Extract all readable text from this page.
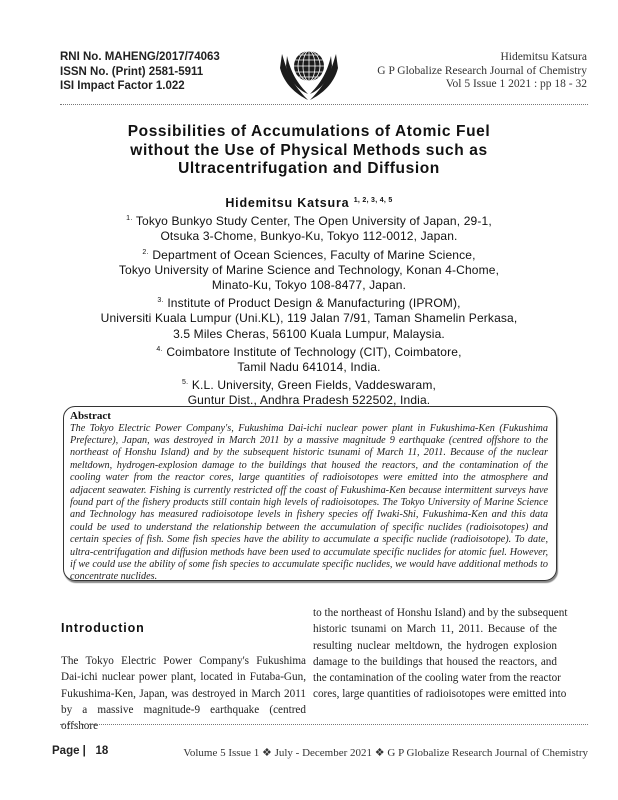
RNI No. MAHENG/2017/74063
ISSN No. (Print) 2581-5911
ISI Impact Factor 1.022
Hidemitsu Katsura
G P Globalize Research Journal of Chemistry
Vol 5 Issue 1 2021 : pp 18 - 32
Possibilities of Accumulations of Atomic Fuel
without the Use of Physical Methods such as
Ultracentrifugation and Diffusion
Hidemitsu Katsura $^{1, 2, 3, 4, 5}$
$^{1.}$ Tokyo Bunkyo Study Center, The Open University of Japan, 29-1,
Otsuka 3-Chome, Bunkyo-Ku, Tokyo 112-0012, Japan.
$^{2.}$ Department of Ocean Sciences, Faculty of Marine Science,
Tokyo University of Marine Science and Technology, Konan 4-Chome,
Minato-Ku, Tokyo 108-8477, Japan.
$^{3.}$ Institute of Product Design & Manufacturing (IPROM),
Universiti Kuala Lumpur (Uni.KL), 119 Jalan 7/91, Taman Shamelin Perkasa,
3.5 Miles Cheras, 56100 Kuala Lumpur, Malaysia.
$^{4.}$ Coimbatore Institute of Technology (CIT), Coimbatore,
Tamil Nadu 641014, India.
$^{5.}$ K.L. University, Green Fields, Vaddeswaram,
Guntur Dist., Andhra Pradesh 522502, India.
Abstract
The Tokyo Electric Power Company's, Fukushima Dai-ichi nuclear power plant in Fukushima-Ken (Fukushima Prefecture), Japan, was destroyed in March 2011 by a massive magnitude 9 earthquake (centred offshore to the northeast of Honshu Island) and by the subsequent historic tsunami of March 11, 2011. Because of the nuclear meltdown, hydrogen-explosion damage to the buildings that housed the reactors, and the contamination of the cooling water from the reactor cores, large quantities of radioisotopes were emitted into the atmosphere and adjacent seawater. Fishing is currently restricted off the coast of Fukushima-Ken because intermittent surveys have found part of the fishery products still contain high levels of radioisotopes. The Tokyo University of Marine Science and Technology has measured radioisotope levels in fishery species off Iwaki-Shi, Fukushima-Ken and this data could be used to understand the relationship between the accumulation of specific nuclides (radioisotopes) and certain species of fish. Some fish species have the ability to accumulate a specific nuclide (radioisotope). To date, ultra-centrifugation and diffusion methods have been used to accumulate specific nuclides for atomic fuel. However, if we could use the ability of some fish species to accumulate specific nuclides, we would have additional methods to concentrate nuclides.
Introduction
The Tokyo Electric Power Company's Fukushima Dai-ichi nuclear power plant, located in Futaba-Gun, Fukushima-Ken, Japan, was destroyed in March 2011 by a massive magnitude-9 earthquake (centred offshore
to the northeast of Honshu Island) and by the subsequent
historic tsunami on March 11, 2011. Because of the
resulting nuclear meltdown, the hydrogen explosion
damage to the buildings that housed the reactors, and
the contamination of the cooling water from the reactor
cores, large quantities of radioisotopes were emitted into
Page | 18	Volume 5 Issue 1 ❖ July - December 2021 ❖ G P Globalize Research Journal of Chemistry
